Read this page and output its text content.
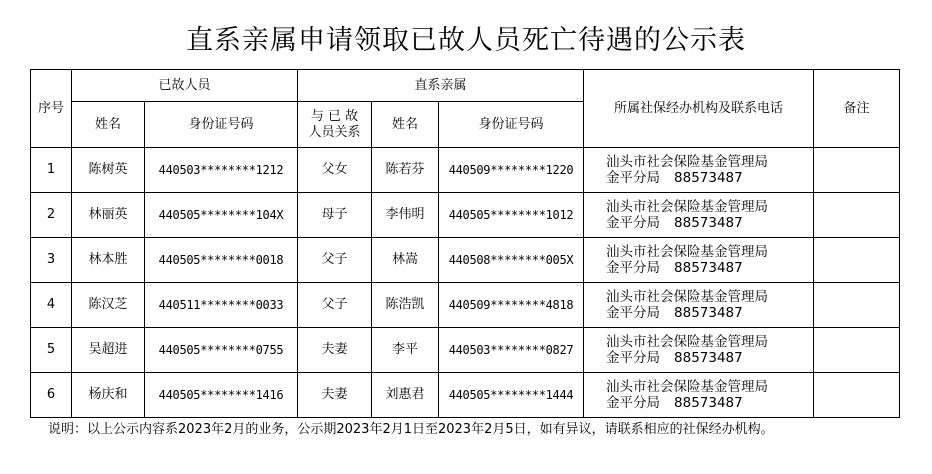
直系亲属申请领取已故人员死亡待遇的公示表
序号	已故人员		直系亲属			所属社保经办机构及联系电话	备注
	姓名	身份证号码	与 已 故
人员关系	姓名	身份证号码		
1	陈树英	440503********1212	父女	陈若芬	440509********1220	汕头市社会保险基金管理局
金平分局 88573487	

2	林丽英	440505********104X	母子	李伟明	440505********1012	汕头市社会保险基金管理局
金平分局 88573487	

3	林本胜	440505********0018	父子	林嵩	440508********005X	汕头市社会保险基金管理局
金平分局 88573487	

4	陈汉芝	440511********0033	父子	陈浩凯	440509********4818	汕头市社会保险基金管理局
金平分局 88573487	

5	吴超进	440505********0755	夫妻	李平	440503********0827	汕头市社会保险基金管理局
金平分局 88573487	

6	杨庆和	440505********1416	夫妻	刘惠君	440505********1444	汕头市社会保险基金管理局
金平分局 88573487	

说明：以上公示内容系2023年2月的业务，公示期2023年2月1日至2023年2月5日，如有异议，请联系相应的社保经办机构。
